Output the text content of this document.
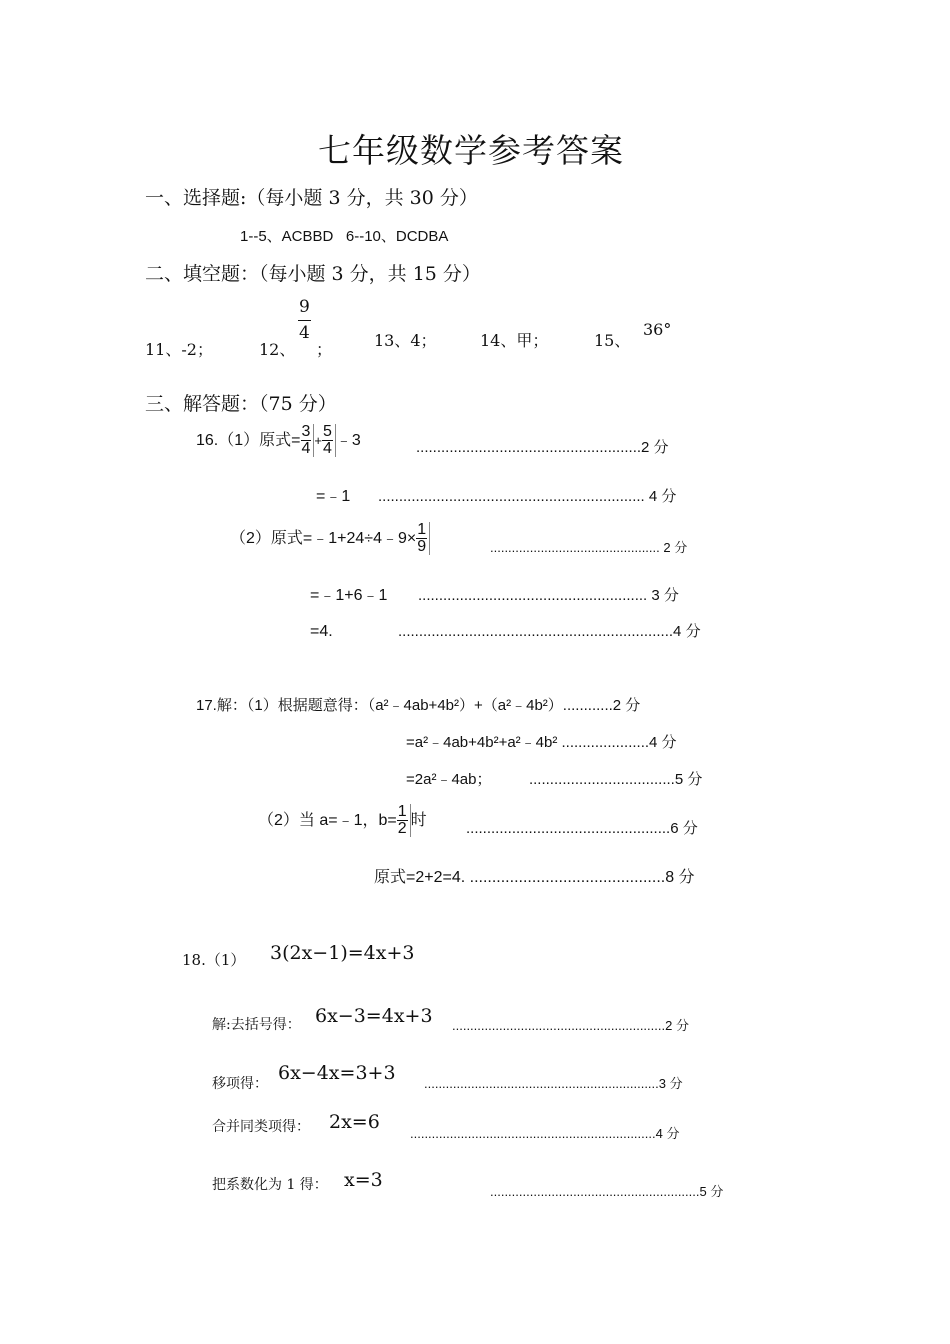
七年级数学参考答案
一、选择题:（每小题 3 分，共 30 分）
1--5、ACBBD   6--10、DCDBA
二、填空题：（每小题 3 分，共 15 分）
11、-2；	12、
$\frac{9}{4}$
；	13、4；	14、甲；	15、
36°
三、解答题：（75 分）
16.（1）原式= $\frac{3}{4} + \frac{5}{4}$ ﹣3	......................................................2 分
=﹣1 ................................................................ 4 分
（2）原式=﹣1+24÷4﹣9× $\frac{1}{9}$	............................................... 2 分
=﹣1+6﹣1 ....................................................... 3 分
=4.	..................................................................4 分
17.解：（1）根据题意得：（a²﹣4ab+4b²）+（a²﹣4b²）............2 分
=a²﹣4ab+4b²+a²﹣4b² .....................4 分
=2a²﹣4ab；         ...................................5 分
（2）当 a=﹣1，$b= \frac{1}{2}$ 时	.................................................6 分
原式=2+2=4. ............................................8 分
18.（1） 3(2x−1)=4x+3
解:去括号得： 6x−3=4x+3 ...........................................................2 分
移项得： 6x−4x=3+3 .................................................................3 分
合并同类项得： 2x=6
....................................................................4 分
把系数化为 1 得： x=3
..........................................................5 分
